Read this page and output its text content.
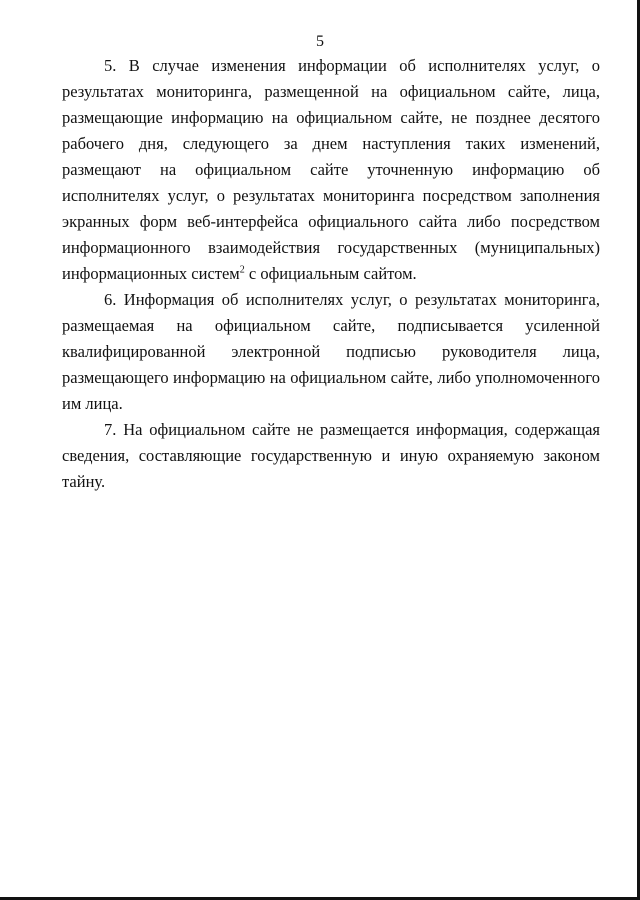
5

5. В случае изменения информации об исполнителях услуг, о результатах мониторинга, размещенной на официальном сайте, лица, размещающие информацию на официальном сайте, не позднее десятого рабочего дня, следующего за днем наступления таких изменений, размещают на официальном сайте уточненную информацию об исполнителях услуг, о результатах мониторинга посредством заполнения экранных форм веб-интерфейса официального сайта либо посредством информационного взаимодействия государственных (муниципальных) информационных систем$^2$ с официальным сайтом.

6. Информация об исполнителях услуг, о результатах мониторинга, размещаемая на официальном сайте, подписывается усиленной квалифицированной электронной подписью руководителя лица, размещающего информацию на официальном сайте, либо уполномоченного им лица.

7. На официальном сайте не размещается информация, содержащая сведения, составляющие государственную и иную охраняемую законом тайну.
